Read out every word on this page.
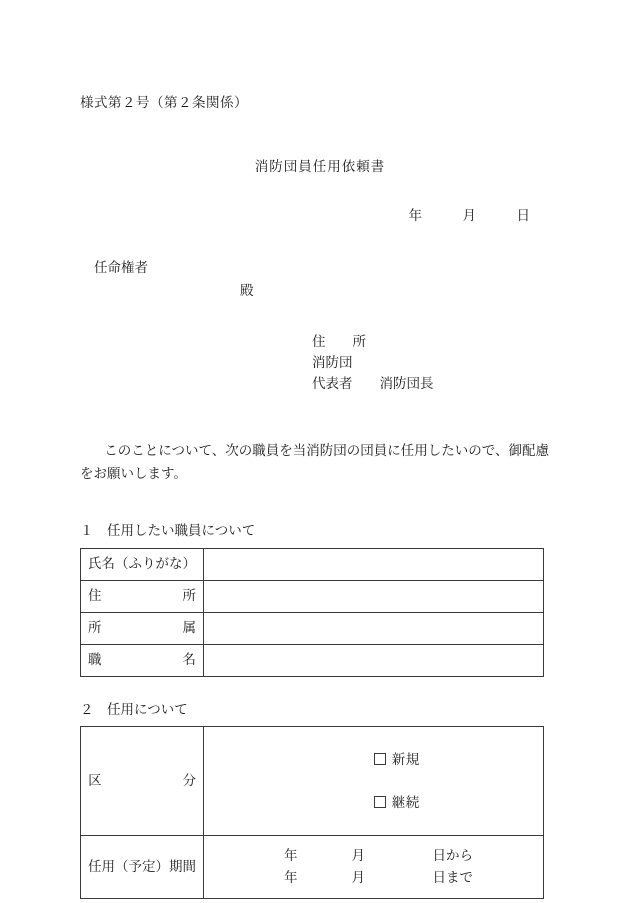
様式第２号（第２条関係）

消防団員任用依頼書

年　　　月　　　日

任命権者

殿

住　　所
消防団
代表者　　消防団長

このことについて、次の職員を当消防団の団員に任用したいので、御配慮をお願いします。

１　任用したい職員について

氏名（ふりがな）	
住　　　　　　所	
所　　　　　　属	
職　　　　　　名	

２　任用について

区　　　　　　分	新規

継続

任用（予定）期間	年　　　　月　　　　　日から
年　　　　月　　　　　日まで
